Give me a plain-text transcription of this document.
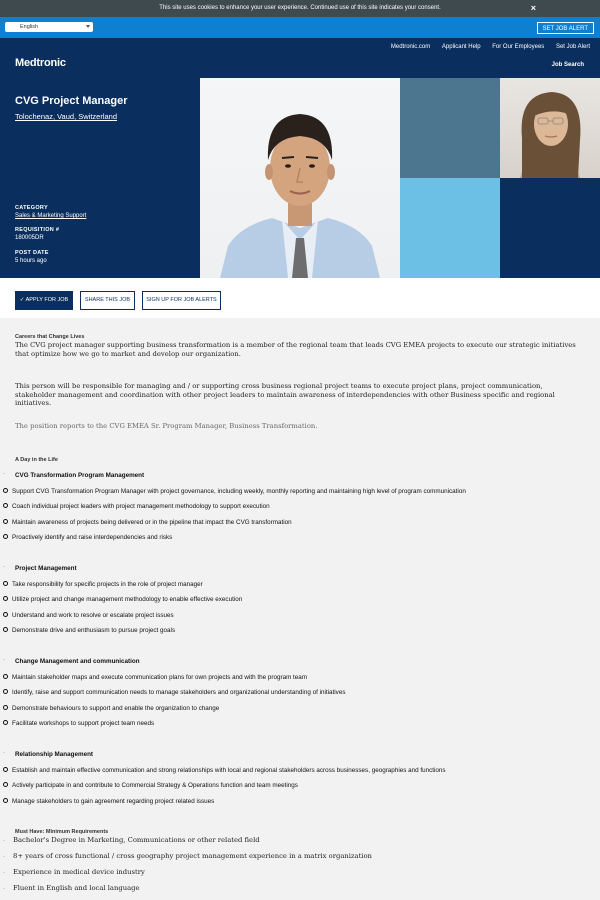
This site uses cookies to enhance your user experience. Continued use of this site indicates your consent.	×
English	SET JOB ALERT
Medtronic
Medtronic.com Applicant Help For Our Employees Set Job Alert
Job Search
CVG Project Manager
Tolochenaz, Vaud, Switzerland
CATEGORY
Sales & Marketing Support
REQUISITION #
180005DR
POST DATE
5 hours ago
✓ APPLY FOR JOB	SHARE THIS JOB	SIGN UP FOR JOB ALERTS
Careers that Change Lives
The CVG project manager supporting business transformation is a member of the regional team that leads CVG EMEA projects to execute our strategic initiatives that optimize how we go to market and develop our organization.
This person will be responsible for managing and / or supporting cross business regional project teams to execute project plans, project communication, stakeholder management and coordination with other project leaders to maintain awareness of interdependencies with other Business specific and regional initiatives.
The position reports to the CVG EMEA Sr. Program Manager, Business Transformation.
A Day in the Life
· CVG Transformation Program Management
Support CVG Transformation Program Manager with project governance, including weekly, monthly reporting and maintaining high level of program communication
Coach individual project leaders with project management methodology to support execution
Maintain awareness of projects being delivered or in the pipeline that impact the CVG transformation
Proactively identify and raise interdependencies and risks
· Project Management
Take responsibility for specific projects in the role of project manager
Utilize project and change management methodology to enable effective execution
Understand and work to resolve or escalate project issues
Demonstrate drive and enthusiasm to pursue project goals
· Change Management and communication
Maintain stakeholder maps and execute communication plans for own projects and with the program team
Identify, raise and support communication needs to manage stakeholders and organizational understanding of initiatives
Demonstrate behaviours to support and enable the organization to change
Facilitate workshops to support project team needs
· Relationship Management
Establish and maintain effective communication and strong relationships with local and regional stakeholders across businesses, geographies and functions
Actively participate in and contribute to Commercial Strategy & Operations function and team meetings
Manage stakeholders to gain agreement regarding project related issues
Must Have: Minimum Requirements
· Bachelor's Degree in Marketing, Communications or other related field
· 8+ years of cross functional / cross geography project management experience in a matrix organization
· Experience in medical device industry
· Fluent in English and local language
